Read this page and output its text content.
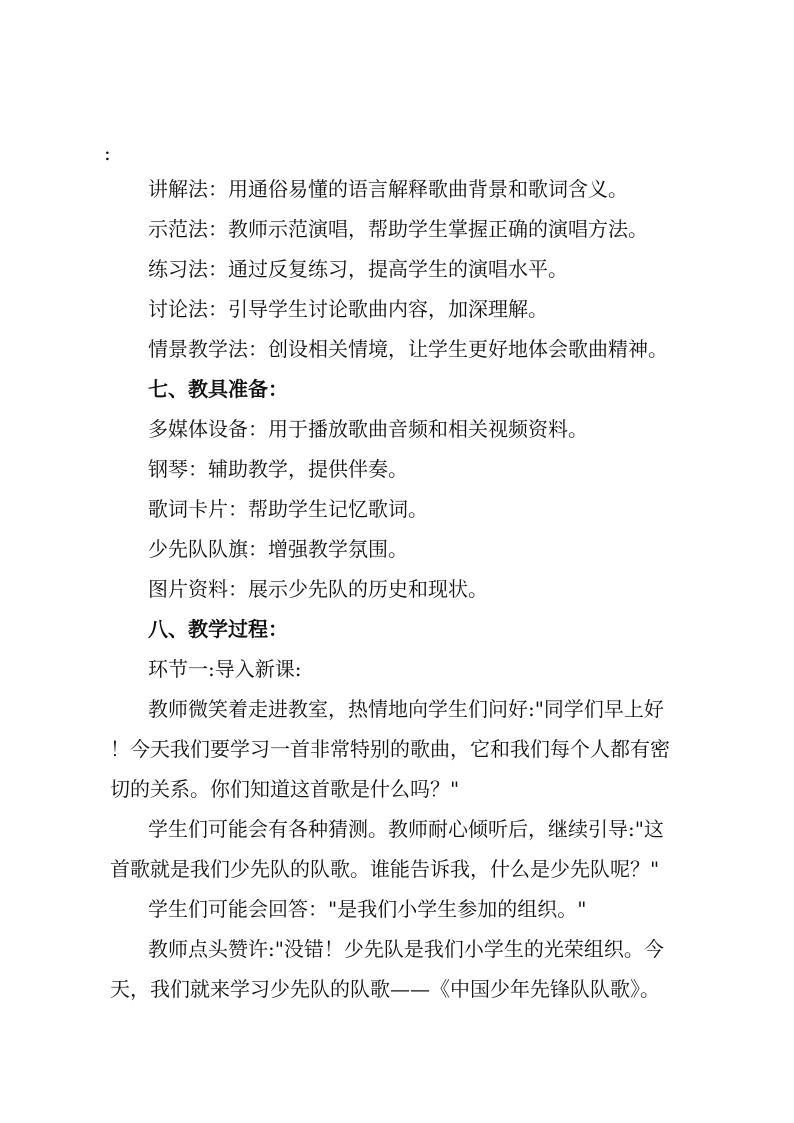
:
讲解法：用通俗易懂的语言解释歌曲背景和歌词含义。
示范法：教师示范演唱，帮助学生掌握正确的演唱方法。
练习法：通过反复练习，提高学生的演唱水平。
讨论法：引导学生讨论歌曲内容，加深理解。
情景教学法：创设相关情境，让学生更好地体会歌曲精神。
七、教具准备：
多媒体设备：用于播放歌曲音频和相关视频资料。
钢琴：辅助教学，提供伴奏。
歌词卡片：帮助学生记忆歌词。
少先队队旗：增强教学氛围。
图片资料：展示少先队的历史和现状。
八、教学过程：
环节一:导入新课:
教师微笑着走进教室，热情地向学生们问好:"同学们早上好
！今天我们要学习一首非常特别的歌曲，它和我们每个人都有密
切的关系。你们知道这首歌是什么吗？"
学生们可能会有各种猜测。教师耐心倾听后，继续引导:"这
首歌就是我们少先队的队歌。谁能告诉我，什么是少先队呢？"
学生们可能会回答："是我们小学生参加的组织。"
教师点头赞许:"没错！少先队是我们小学生的光荣组织。今
天，我们就来学习少先队的队歌——《中国少年先锋队队歌》。
